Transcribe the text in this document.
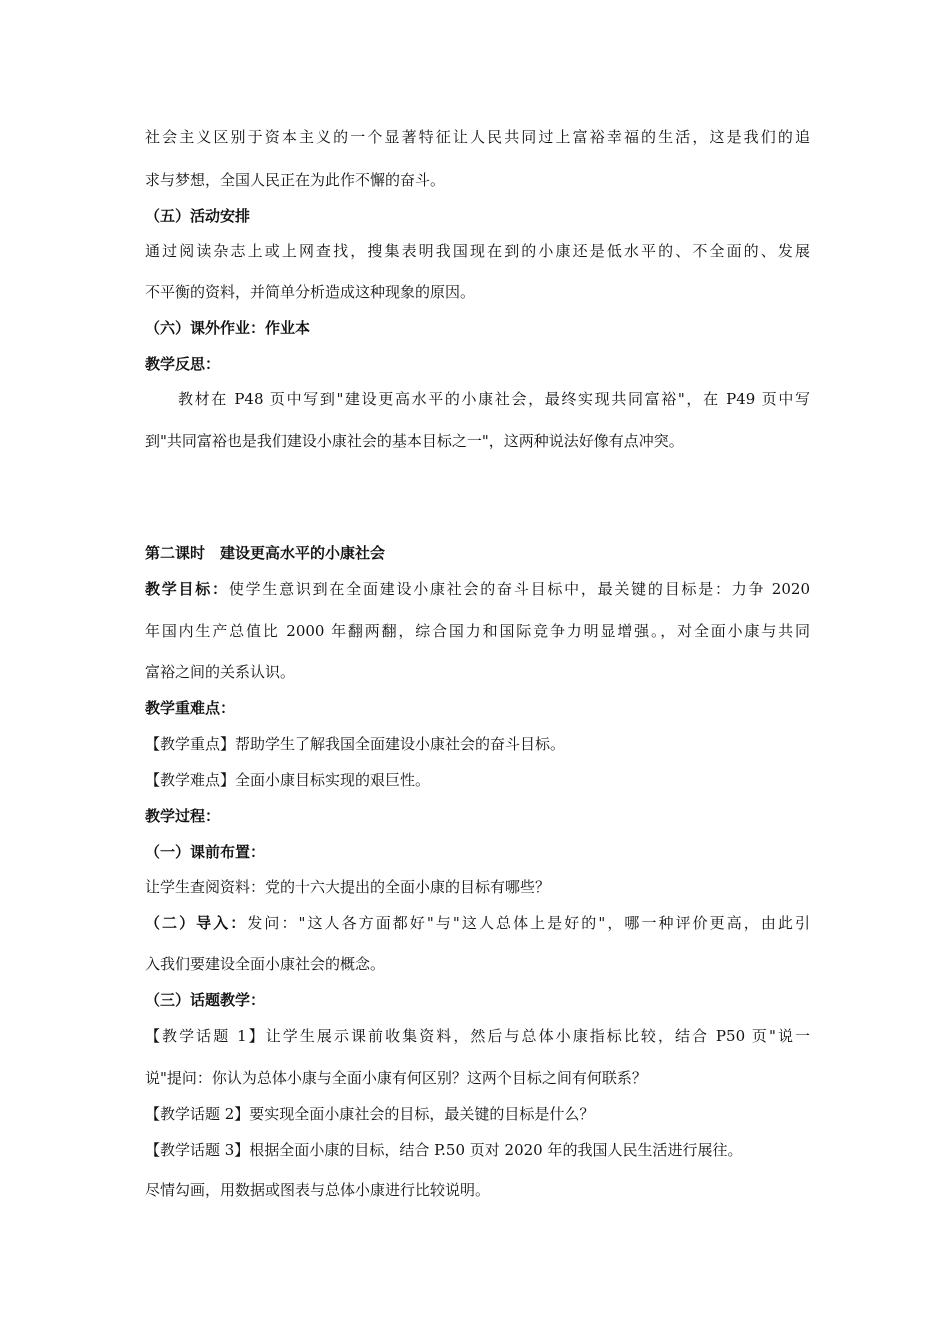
社会主义区别于资本主义的一个显著特征让人民共同过上富裕幸福的生活，这是我们的追
求与梦想，全国人民正在为此作不懈的奋斗。
（五）活动安排
通过阅读杂志上或上网查找，搜集表明我国现在到的小康还是低水平的、不全面的、发展
不平衡的资料，并简单分析造成这种现象的原因。
（六）课外作业：作业本
教学反思：
教材在 P48 页中写到"建设更高水平的小康社会，最终实现共同富裕"，在 P49 页中写
到"共同富裕也是我们建设小康社会的基本目标之一"，这两种说法好像有点冲突。
第二课时　建设更高水平的小康社会
教学目标：使学生意识到在全面建设小康社会的奋斗目标中，最关键的目标是：力争 2020
年国内生产总值比 2000 年翻两翻，综合国力和国际竞争力明显增强。，对全面小康与共同
富裕之间的关系认识。
教学重难点：
【教学重点】帮助学生了解我国全面建设小康社会的奋斗目标。
【教学难点】全面小康目标实现的艰巨性。
教学过程：
（一）课前布置：
让学生查阅资料：党的十六大提出的全面小康的目标有哪些？
（二）导入：发问："这人各方面都好"与"这人总体上是好的"，哪一种评价更高，由此引
入我们要建设全面小康社会的概念。
（三）话题教学：
【教学话题 1】让学生展示课前收集资料，然后与总体小康指标比较，结合 P50 页"说一
说"提问：你认为总体小康与全面小康有何区别？这两个目标之间有何联系？
【教学话题 2】要实现全面小康社会的目标，最关键的目标是什么？
【教学话题 3】根据全面小康的目标，结合 P.50 页对 2020 年的我国人民生活进行展往。
尽情勾画，用数据或图表与总体小康进行比较说明。
